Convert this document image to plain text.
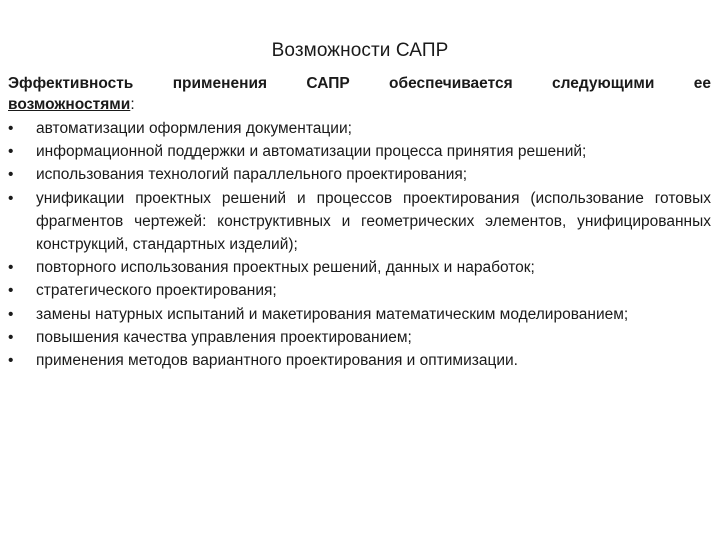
Возможности САПР
Эффективность	применения	САПР	обеспечивается	следующими	ее
возможностями:
•	автоматизации оформления документации;
•	информационной поддержки и автоматизации процесса принятия решений;
•	использования технологий параллельного проектирования;
•	унификации проектных решений и процессов проектирования (использование готовых фрагментов чертежей: конструктивных и геометрических элементов, унифицированных конструкций, стандартных изделий);
•	повторного использования проектных решений, данных и наработок;
•	стратегического проектирования;
•	замены натурных испытаний и макетирования математическим моделированием;
•	повышения качества управления проектированием;
•	применения методов вариантного проектирования и оптимизации.
